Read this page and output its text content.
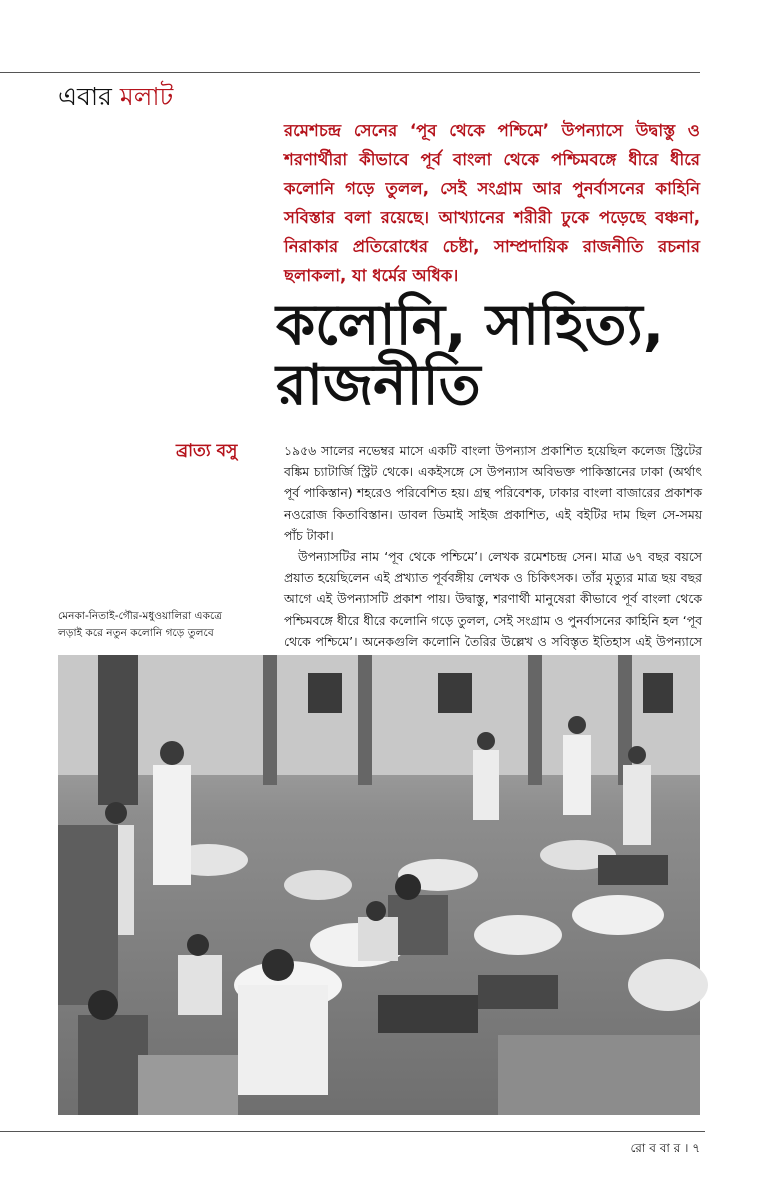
এবার মলাট
রমেশচন্দ্র সেনের ‘পূব থেকে পশ্চিমে’ উপন্যাসে উদ্বাস্তু ও শরণার্থীরা কীভাবে পূর্ব বাংলা থেকে পশ্চিমবঙ্গে ধীরে ধীরে কলোনি গড়ে তুলল, সেই সংগ্রাম আর পুনর্বাসনের কাহিনি সবিস্তার বলা রয়েছে। আখ্যানের শরীরী ঢুকে পড়েছে বঞ্চনা, নিরাকার প্রতিরোধের চেষ্টা, সাম্প্রদায়িক রাজনীতি রচনার ছলাকলা, যা ধর্মের অধিক।
কলোনি, সাহিত্য,
রাজনীতি
ব্রাত্য বসু	১৯৫৬ সালের নভেম্বর মাসে একটি বাংলা উপন্যাস প্রকাশিত হয়েছিল কলেজ স্ট্রিটের বঙ্কিম চ্যাটার্জি স্ট্রিট থেকে। একইসঙ্গে সে উপন্যাস অবিভক্ত পাকিস্তানের ঢাকা (অর্থাৎ পূর্ব পাকিস্তান) শহরেও পরিবেশিত হয়। গ্রন্থ পরিবেশক, ঢাকার বাংলা বাজারের প্রকাশক নওরোজ কিতাবিস্তান। ডাবল ডিমাই সাইজ প্রকাশিত, এই বইটির দাম ছিল সে-সময় পাঁচ টাকা।

উপন্যাসটির নাম ‘পূব থেকে পশ্চিমে’। লেখক রমেশচন্দ্র সেন। মাত্র ৬৭ বছর বয়সে প্রয়াত হয়েছিলেন এই প্রখ্যাত পূর্ববঙ্গীয় লেখক ও চিকিৎসক। তাঁর মৃত্যুর মাত্র ছয় বছর আগে এই উপন্যাসটি প্রকাশ পায়। উদ্বাস্তু, শরণার্থী মানুষেরা কীভাবে পূর্ব বাংলা থেকে পশ্চিমবঙ্গে ধীরে ধীরে কলোনি গড়ে তুলল, সেই সংগ্রাম ও পুনর্বাসনের কাহিনি হল ‘পূব থেকে পশ্চিমে’। অনেকগুলি কলোনি তৈরির উল্লেখ ও সবিস্তৃত ইতিহাস এই উপন্যাসে

মেনকা-নিতাই-গৌর-মধুওয়ালিরা একত্রে লড়াই করে নতুন কলোনি গড়ে তুলবে
রো ব বা র । ৭
